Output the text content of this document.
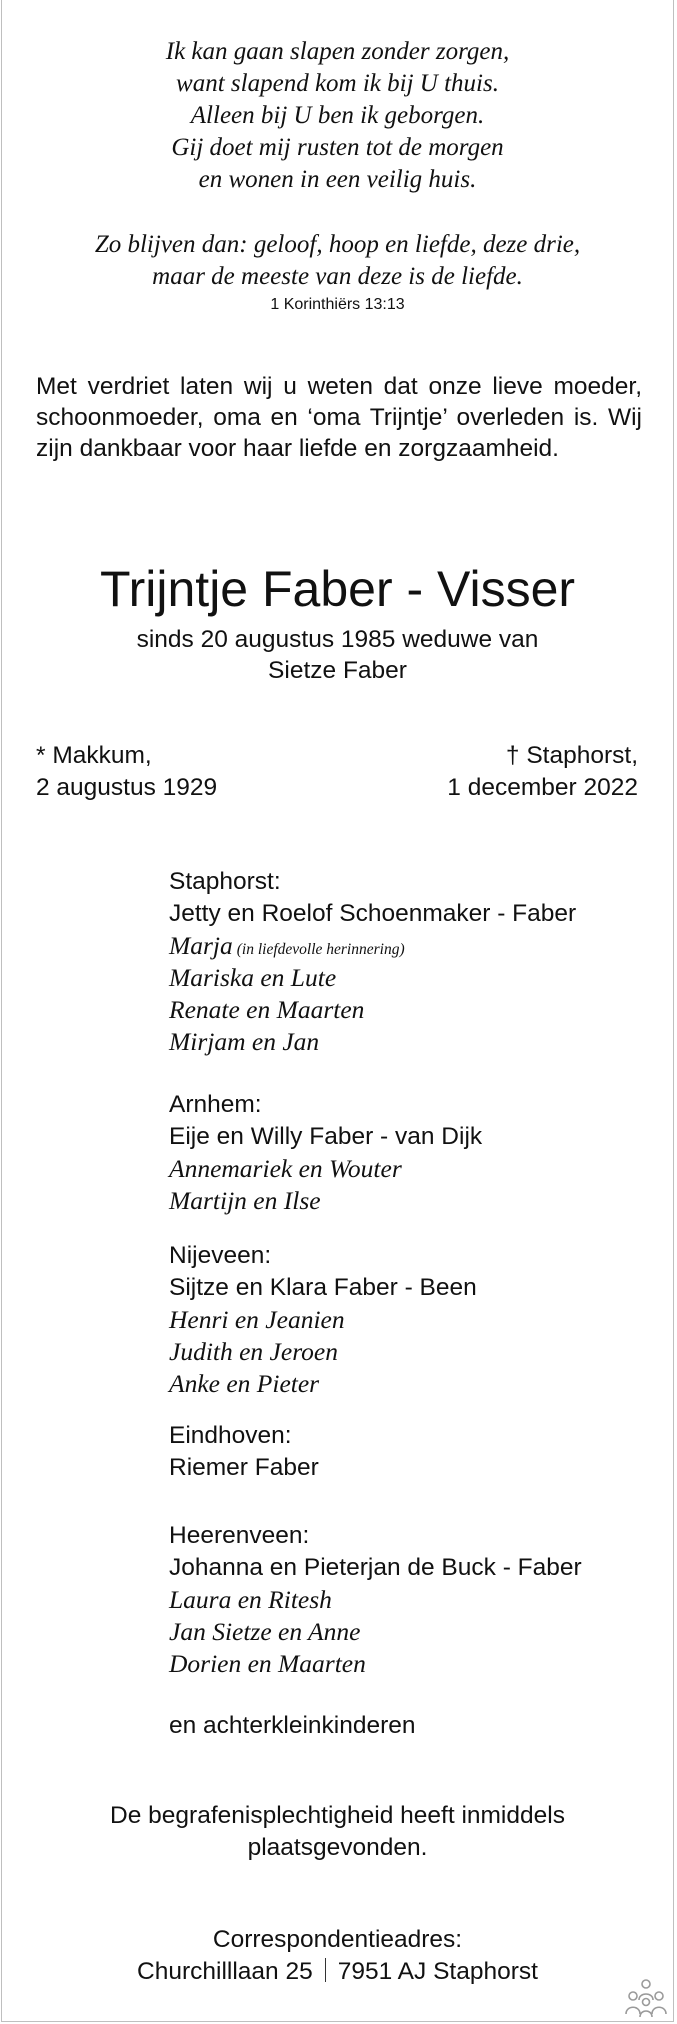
Ik kan gaan slapen zonder zorgen,
want slapend kom ik bij U thuis.
Alleen bij U ben ik geborgen.
Gij doet mij rusten tot de morgen
en wonen in een veilig huis.
Zo blijven dan: geloof, hoop en liefde, deze drie,
maar de meeste van deze is de liefde.
1 Korinthiërs 13:13
Met verdriet laten wij u weten dat onze lieve moeder, schoonmoeder, oma en ‘oma Trijntje’ overleden is. Wij zijn dankbaar voor haar liefde en zorgzaamheid.
Trijntje Faber - Visser
sinds 20 augustus 1985 weduwe van
Sietze Faber
* Makkum,
2 augustus 1929
† Staphorst,
1 december 2022
Staphorst:
Jetty en Roelof Schoenmaker - Faber
Marja (in liefdevolle herinnering)
Mariska en Lute
Renate en Maarten
Mirjam en Jan
Arnhem:
Eije en Willy Faber - van Dijk
Annemariek en Wouter
Martijn en Ilse
Nijeveen:
Sijtze en Klara Faber - Been
Henri en Jeanien
Judith en Jeroen
Anke en Pieter
Eindhoven:
Riemer Faber
Heerenveen:
Johanna en Pieterjan de Buck - Faber
Laura en Ritesh
Jan Sietze en Anne
Dorien en Maarten
en achterkleinkinderen
De begrafenisplechtigheid heeft inmiddels
plaatsgevonden.
Correspondentieadres:
Churchilllaan 25 7951 AJ Staphorst
